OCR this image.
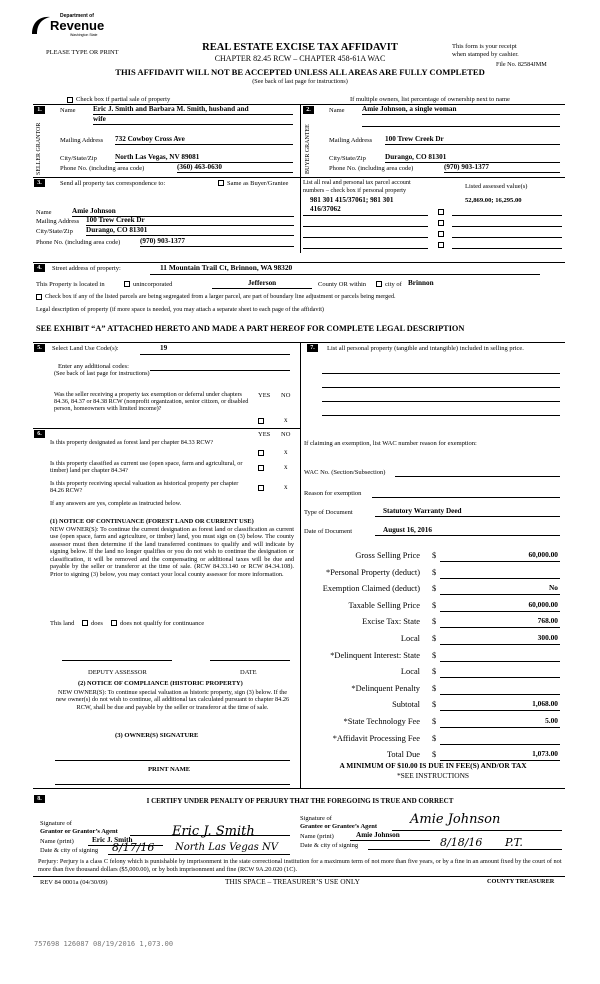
Department of
Revenue
Washington State
PLEASE TYPE OR PRINT	REAL ESTATE EXCISE TAX AFFIDAVIT
CHAPTER 82.45 RCW – CHAPTER 458-61A WAC
This form is your receipt
when stamped by cashier.
File No. 82584JMM
THIS AFFIDAVIT WILL NOT BE ACCEPTED UNLESS ALL AREAS ARE FULLY COMPLETED
(See back of last page for instructions)
Check box if partial sale of property	If multiple owners, list percentage of ownership next to name
1.
SELLER GRANTOR
Name Eric J. Smith and Barbara M. Smith, husband and
wife
Mailing Address 732 Cowboy Cross Ave
City/State/Zip	North Las Vegas, NV 89081
Phone No. (including area code)	(360) 463-0630
2.
BUYER GRANTEE
Name Amie Johnson, a single woman
Mailing Address 100 Trew Creek Dr
City/State/Zip	Durango, CO 81301
Phone No. (including area code)	(970) 903-1377
3.	Send all property tax correspondence to:	Same as Buyer/Grantee List all real and personal tax parcel account
numbers – check box if personal property
Listed assessed value(s)
981 301 415/37061; 981 301	52,869.00; 16,295.00
416/37062
Name	Amie Johnson
Mailing Address 100 Trew Creek Dr
City/State/Zip Durango, CO 81301
Phone No. (including area code)	(970) 903-1377
4.	Street address of property:	11 Mountain Trail Ct, Brinnon, WA 98320
This Property is located in	unincorporated	Jefferson	County OR within	city of Brinnon
Check box if any of the listed parcels are being segregated from a larger parcel, are part of boundary line adjustment or parcels being merged.
Legal description of property (if more space is needed, you may attach a separate sheet to each page of the affidavit)
SEE EXHIBIT “A” ATTACHED HERETO AND MADE A PART HEREOF FOR COMPLETE LEGAL DESCRIPTION
5.	Select Land Use Code(s):	19
Enter any additional codes:
(See back of last page for instructions)
YES NO
Was the seller receiving a property tax exemption or deferral under chapters 84.36, 84.37 or 84.38 RCW (nonprofit organization, senior citizen, or disabled person, homeowners with limited income)?
x
6.	YES NO
Is this property designated as forest land per chapter 84.33 RCW?
x
Is this property classified as current use (open space, farm and agricultural, or timber) land per chapter 84.34?	x
Is this property receiving special valuation as historical property per chapter 84.26 RCW?	x
If any answers are yes, complete as instructed below.
(1) NOTICE OF CONTINUANCE (FOREST LAND OR CURRENT USE)
NEW OWNER(S): To continue the current designation as forest land or classification as current use (open space, farm and agriculture, or timber) land, you must sign on (3) below. The county assessor must then determine if the land transferred continues to qualify and will indicate by signing below. If the land no longer qualifies or you do not wish to continue the designation or classification, it will be removed and the compensating or additional taxes will be due and payable by the seller or transferor at the time of sale. (RCW 84.33.140 or RCW 84.34.108). Prior to signing (3) below, you may contact your local county assessor for more information.
This land	does	does not qualify for continuance
DEPUTY ASSESSOR	DATE
(2) NOTICE OF COMPLIANCE (HISTORIC PROPERTY)
NEW OWNER(S): To continue special valuation as historic property, sign (3) below. If the new owner(s) do not wish to continue, all additional tax calculated pursuant to chapter 84.26 RCW, shall be due and payable by the seller or transferor at the time of sale.
(3) OWNER(S) SIGNATURE
PRINT NAME
7.	List all personal property (tangible and intangible) included in selling price.
If claiming an exemption, list WAC number reason for exemption:
WAC No. (Section/Subsection)
Reason for exemption
Type of Document	Statutory Warranty Deed
Date of Document	August 16, 2016
Gross Selling Price $	60,000.00
*Personal Property (deduct) $
Exemption Claimed (deduct) $	No
Taxable Selling Price $	60,000.00
Excise Tax: State $	768.00
Local $	300.00
*Delinquent Interest: State $
Local $
*Delinquent Penalty $
Subtotal $	1,068.00
*State Technology Fee $	5.00
*Affidavit Processing Fee $
Total Due $	1,073.00
A MINIMUM OF $10.00 IS DUE IN FEE(S) AND/OR TAX
*SEE INSTRUCTIONS
8.	I CERTIFY UNDER PENALTY OF PERJURY THAT THE FOREGOING IS TRUE AND CORRECT
Signature of
Grantor or Grantor’s Agent
Name (print)	Eric J. Smith
Date & city of signing
Eric J. Smith
8/17/16 North Las Vegas NV
Signature of
Grantee or Grantee’s Agent
Name (print)	Amie Johnson
Date & city of signing
Amie Johnson
8/18/16 P.T.
Perjury: Perjury is a class C felony which is punishable by imprisonment in the state correctional institution for a maximum term of not more than five years, or by a fine in an amount fixed by the court of not more than five thousand dollars ($5,000.00), or by both imprisonment and fine (RCW 9A.20.020 (1C).
REV 84 0001a (04/30/09)	THIS SPACE – TREASURER’S USE ONLY	COUNTY TREASURER
757698 126087 08/19/2016 1,073.00
